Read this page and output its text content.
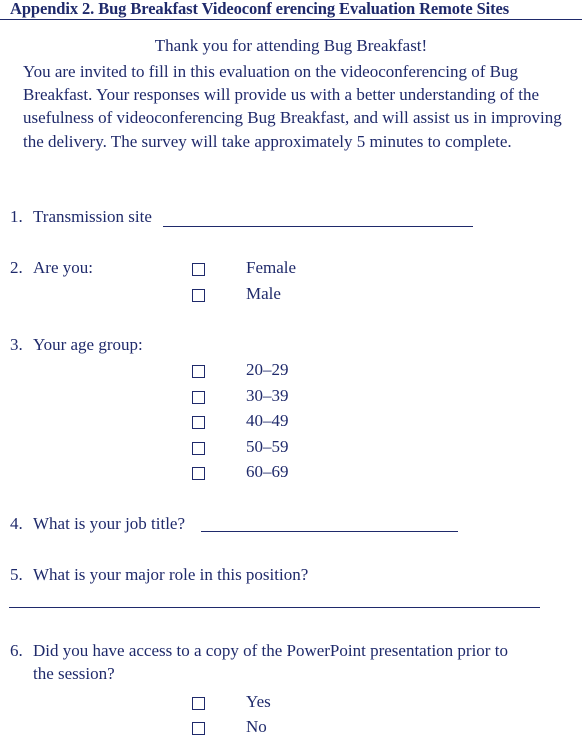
Appendix 2. Bug Breakfast Videoconf erencing Evaluation Remote Sites
Thank you for attending Bug Breakfast!
You are invited to fill in this evaluation on the videoconferencing of Bug Breakfast. Your responses will provide us with a better understanding of the usefulness of videoconferencing Bug Breakfast, and will assist us in improving the delivery. The survey will take approximately 5 minutes to complete.
1. Transmission site
2. Are you:	Female
Male
3. Your age group:
20–29
30–39
40–49
50–59
60–69
4. What is your job title?
5. What is your major role in this position?
6. Did you have access to a copy of the PowerPoint presentation prior to
the session?
Yes
No
